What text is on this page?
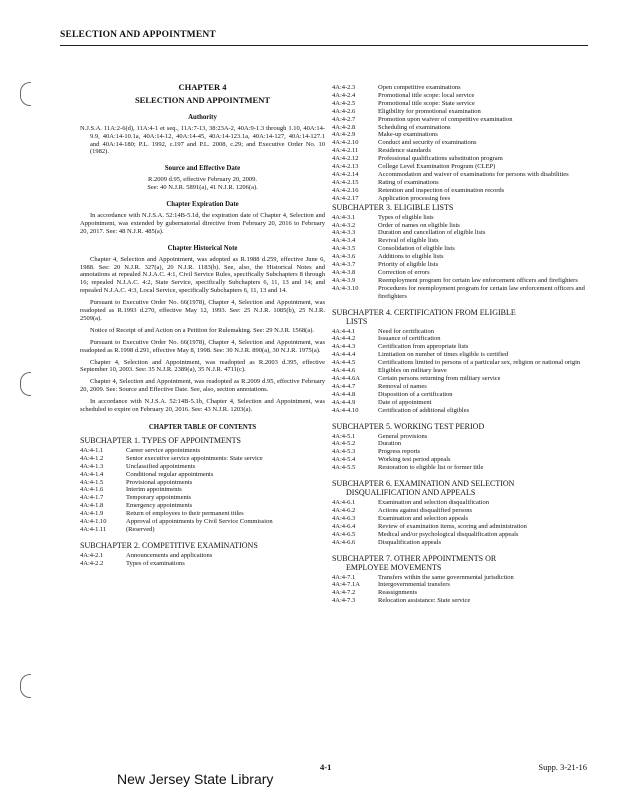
SELECTION AND APPOINTMENT
CHAPTER 4
SELECTION AND APPOINTMENT
Authority
N.J.S.A. 11A:2-6(d), 11A:4-1 et seq., 11A:7-13, 38:23A-2, 40A:9-1.3 through 1.10, 40A:14-9.9, 40A:14-10.1a, 40A:14-12, 40A:14-45, 40A:14-123.1a, 40A:14-127, 40A:14-127.1 and 40A:14-180; P.L. 1992, c.197 and P.L. 2008, c.29; and Executive Order No. 10 (1982).
Source and Effective Date
R.2009 d.95, effective February 20, 2009.
See: 40 N.J.R. 5891(a), 41 N.J.R. 1206(a).
Chapter Expiration Date
In accordance with N.J.S.A. 52:14B-5.1d, the expiration date of Chapter 4, Selection and Appointment, was extended by gubernatorial directive from February 20, 2016 to February 20, 2017. See: 48 N.J.R. 485(a).
Chapter Historical Note
Chapter 4, Selection and Appointment, was adopted as R.1988 d.259, effective June 6, 1988. See: 20 N.J.R. 327(a), 20 N.J.R. 1183(b). See, also, the Historical Notes and annotations at repealed N.J.A.C. 4:1, Civil Service Rules, specifically Subchapters 8 through 16; repealed N.J.A.C. 4:2, State Service, specifically Subchapters 6, 11, 13 and 14; and repealed N.J.A.C. 4:3, Local Service, specifically Subchapters 6, 11, 13 and 14.
Pursuant to Executive Order No. 66(1978), Chapter 4, Selection and Appointment, was readopted as R.1993 d.270, effective May 12, 1993. See: 25 N.J.R. 1085(b), 25 N.J.R. 2509(a).
Notice of Receipt of and Action on a Petition for Rulemaking. See: 29 N.J.R. 1568(a).
Pursuant to Executive Order No. 66(1978), Chapter 4, Selection and Appointment, was readopted as R.1998 d.291, effective May 8, 1998. See: 30 N.J.R. 890(a), 30 N.J.R. 1975(a).
Chapter 4, Selection and Appointment, was readopted as R.2003 d.395, effective September 10, 2003. See: 35 N.J.R. 2389(a), 35 N.J.R. 4711(c).
Chapter 4, Selection and Appointment, was readopted as R.2009 d.95, effective February 20, 2009. See: Source and Effective Date. See, also, section annotations.
In accordance with N.J.S.A. 52:14B-5.1b, Chapter 4, Selection and Appointment, was scheduled to expire on February 20, 2016. See: 43 N.J.R. 1203(a).
CHAPTER TABLE OF CONTENTS
SUBCHAPTER 1. TYPES OF APPOINTMENTS
4A:4-1.1	Career service appointments
4A:4-1.2	Senior executive service appointments: State service
4A:4-1.3	Unclassified appointments
4A:4-1.4	Conditional regular appointments
4A:4-1.5	Provisional appointments
4A:4-1.6	Interim appointments
4A:4-1.7	Temporary appointments
4A:4-1.8	Emergency appointments
4A:4-1.9	Return of employees to their permanent titles
4A:4-1.10	Approval of appointments by Civil Service Commission
4A:4-1.11	(Reserved)
SUBCHAPTER 2. COMPETITIVE EXAMINATIONS
4A:4-2.1	Announcements and applications
4A:4-2.2	Types of examinations
4A:4-2.3	Open competitive examinations
4A:4-2.4	Promotional title scope: local service
4A:4-2.5	Promotional title scope: State service
4A:4-2.6	Eligibility for promotional examination
4A:4-2.7	Promotion upon waiver of competitive examination
4A:4-2.8	Scheduling of examinations
4A:4-2.9	Make-up examinations
4A:4-2.10	Conduct and security of examinations
4A:4-2.11	Residence standards
4A:4-2.12	Professional qualifications substitution program
4A:4-2.13	College Level Examination Program (CLEP)
4A:4-2.14	Accommodation and waiver of examinations for persons with disabilities
4A:4-2.15	Rating of examinations
4A:4-2.16	Retention and inspection of examination records
4A:4-2.17	Application processing fees
SUBCHAPTER 3. ELIGIBLE LISTS
4A:4-3.1	Types of eligible lists
4A:4-3.2	Order of names on eligible lists
4A:4-3.3	Duration and cancellation of eligible lists
4A:4-3.4	Revival of eligible lists
4A:4-3.5	Consolidation of eligible lists
4A:4-3.6	Additions to eligible lists
4A:4-3.7	Priority of eligible lists
4A:4-3.8	Correction of errors
4A:4-3.9	Reemployment program for certain law enforcement officers and firefighters
4A:4-3.10	Procedures for reemployment program for certain law enforcement officers and firefighters
SUBCHAPTER 4. CERTIFICATION FROM ELIGIBLE
LISTS
4A:4-4.1	Need for certification
4A:4-4.2	Issuance of certification
4A:4-4.3	Certification from appropriate lists
4A:4-4.4	Limitation on number of times eligible is certified
4A:4-4.5	Certifications limited to persons of a particular sex, religion or national origin
4A:4-4.6	Eligibles on military leave
4A:4-4.6A	Certain persons returning from military service
4A:4-4.7	Removal of names
4A:4-4.8	Disposition of a certification
4A:4-4.9	Date of appointment
4A:4-4.10	Certification of additional eligibles
SUBCHAPTER 5. WORKING TEST PERIOD
4A:4-5.1	General provisions
4A:4-5.2	Duration
4A:4-5.3	Progress reports
4A:4-5.4	Working test period appeals
4A:4-5.5	Restoration to eligible list or former title
SUBCHAPTER 6. EXAMINATION AND SELECTION
DISQUALIFICATION AND APPEALS
4A:4-6.1	Examination and selection disqualification
4A:4-6.2	Actions against disqualified persons
4A:4-6.3	Examination and selection appeals
4A:4-6.4	Review of examination items, scoring and administration
4A:4-6.5	Medical and/or psychological disqualification appeals
4A:4-6.6	Disqualification appeals
SUBCHAPTER 7. OTHER APPOINTMENTS OR
EMPLOYEE MOVEMENTS
4A:4-7.1	Transfers within the same governmental jurisdiction
4A:4-7.1A	Intergovernmental transfers
4A:4-7.2	Reassignments
4A:4-7.3	Relocation assistance: State service
New Jersey State Library
4-1	Supp. 3-21-16
